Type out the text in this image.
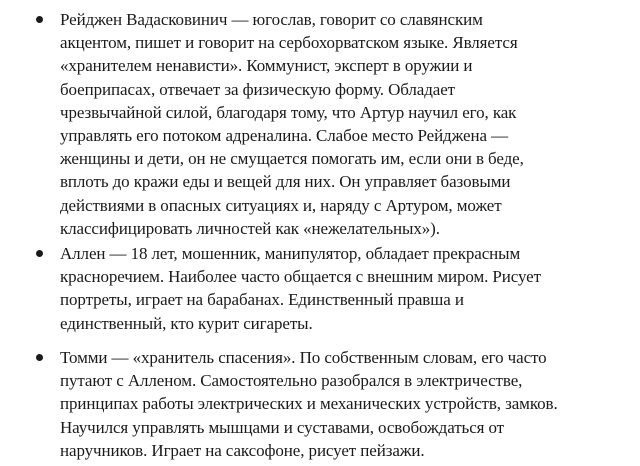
Рейджен Вадасковинич — югослав, говорит со славянским
акцентом, пишет и говорит на сербохорватском языке. Является
«хранителем ненависти». Коммунист, эксперт в оружии и
боеприпасах, отвечает за физическую форму. Обладает
чрезвычайной силой, благодаря тому, что Артур научил его, как
управлять его потоком адреналина. Слабое место Рейджена —
женщины и дети, он не смущается помогать им, если они в беде,
вплоть до кражи еды и вещей для них. Он управляет базовыми
действиями в опасных ситуациях и, наряду с Артуром, может
классифицировать личностей как «нежелательных»).
Аллен — 18 лет, мошенник, манипулятор, обладает прекрасным
красноречием. Наиболее часто общается с внешним миром. Рисует
портреты, играет на барабанах. Единственный правша и
единственный, кто курит сигареты.
Томми — «хранитель спасения». По собственным словам, его часто
путают с Алленом. Самостоятельно разобрался в электричестве,
принципах работы электрических и механических устройств, замков.
Научился управлять мышцами и суставами, освобождаться от
наручников. Играет на саксофоне, рисует пейзажи.
